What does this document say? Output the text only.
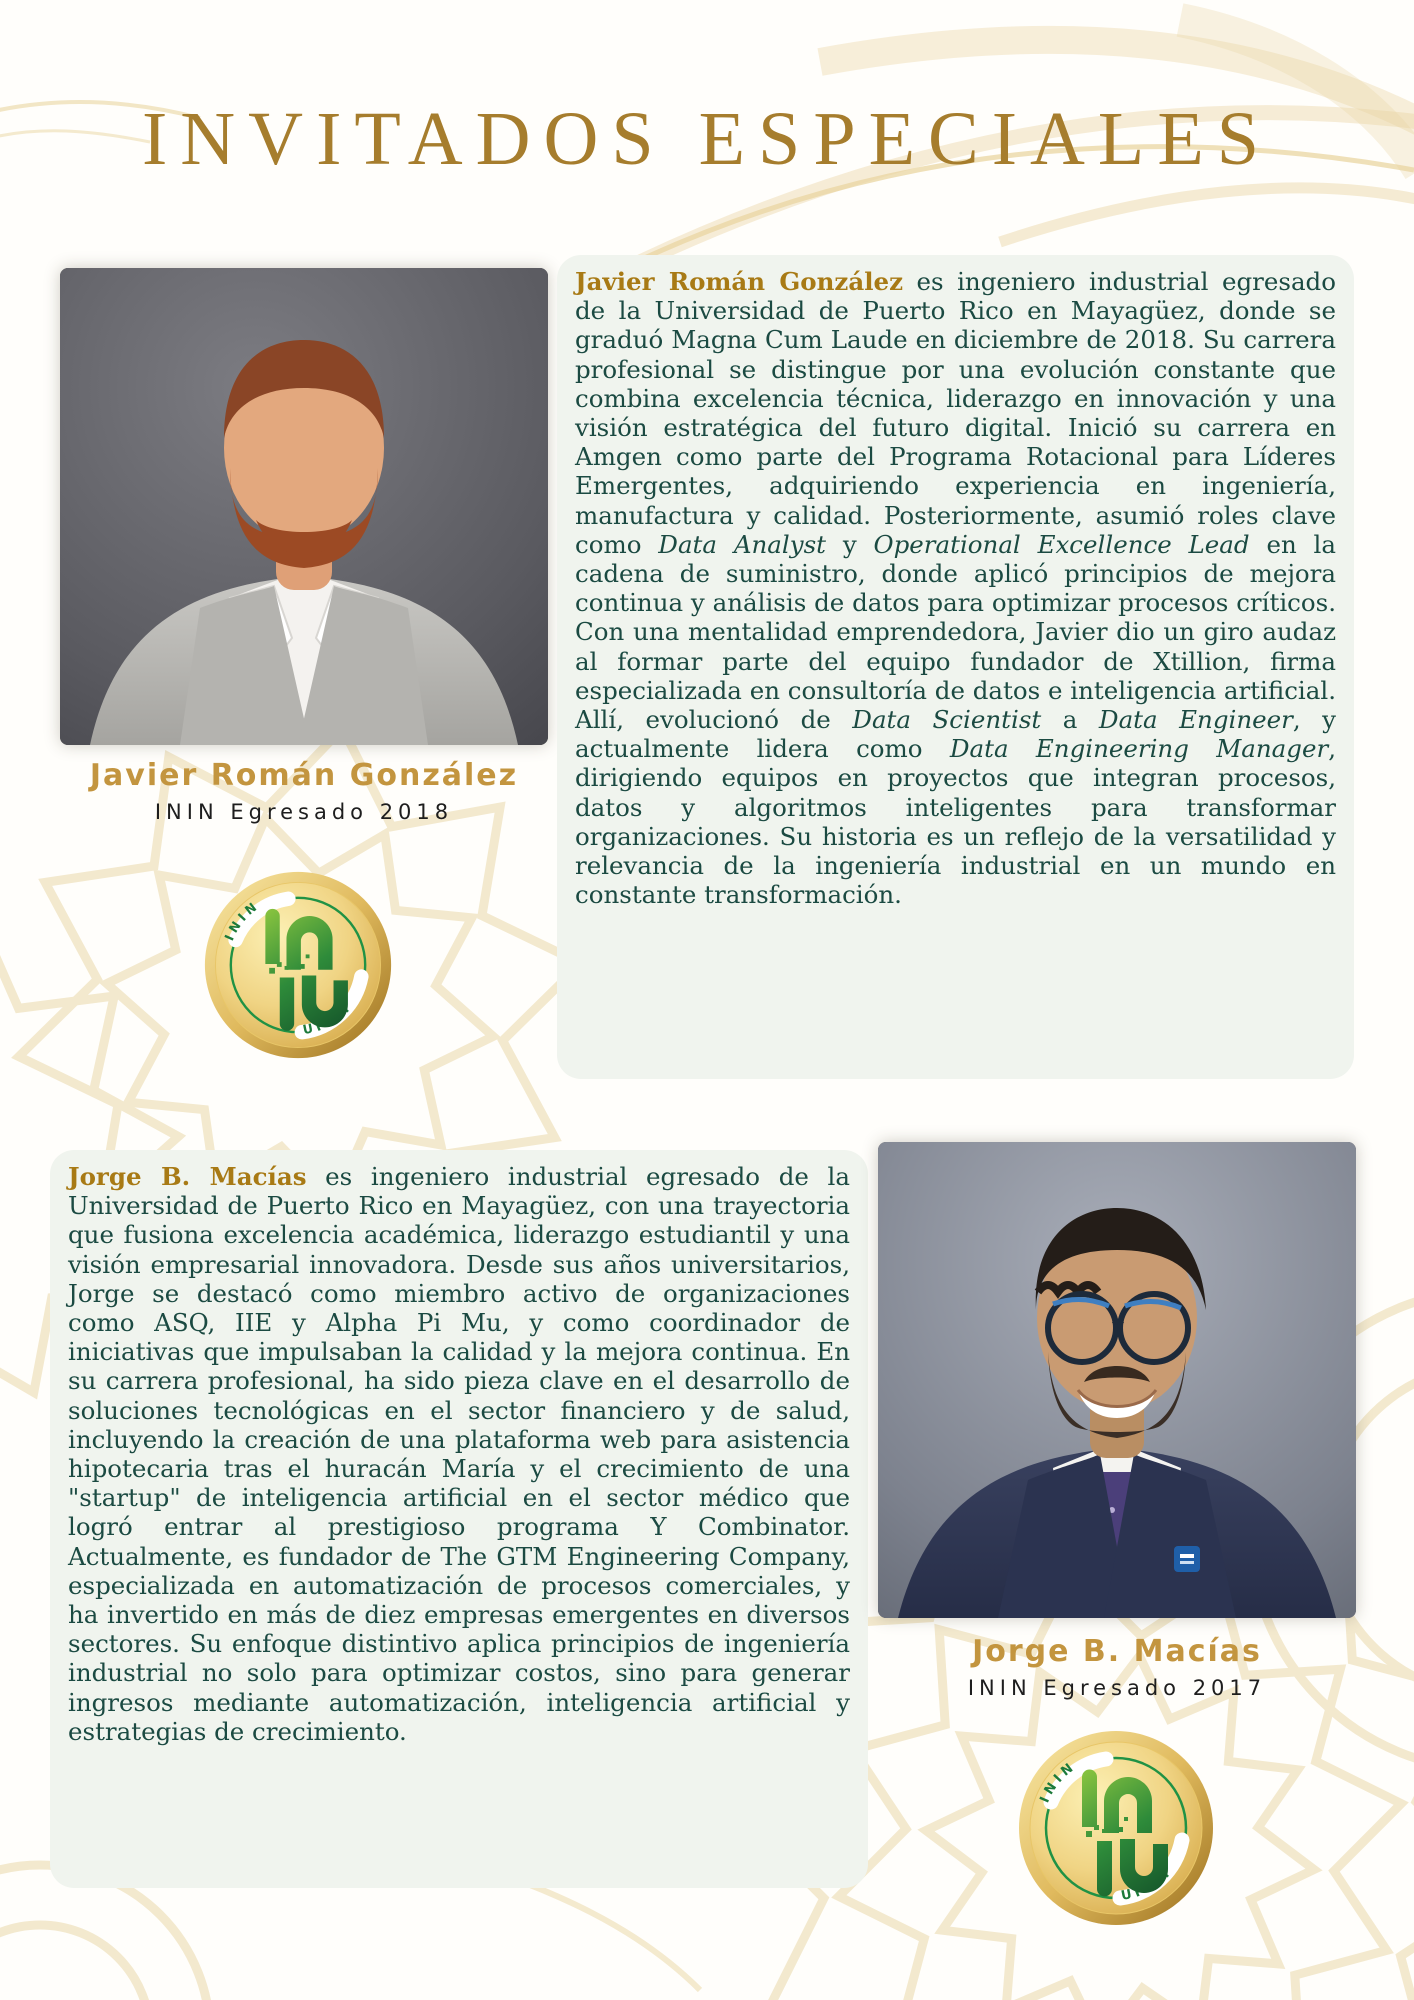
INVITADOS ESPECIALES
Javier Román González
ININ Egresado 2018
Javier Román González es ingeniero industrial egresado de la Universidad de Puerto Rico en Mayagüez, donde se graduó Magna Cum Laude en diciembre de 2018. Su carrera profesional se distingue por una evolución constante que combina excelencia técnica, liderazgo en innovación y una visión estratégica del futuro digital. Inició su carrera en Amgen como parte del Programa Rotacional para Líderes Emergentes, adquiriendo experiencia en ingeniería, manufactura y calidad. Posteriormente, asumió roles clave como Data Analyst y Operational Excellence Lead en la cadena de suministro, donde aplicó principios de mejora continua y análisis de datos para optimizar procesos críticos. Con una mentalidad emprendedora, Javier dio un giro audaz al formar parte del equipo fundador de Xtillion, firma especializada en consultoría de datos e inteligencia artificial. Allí, evolucionó de Data Scientist a Data Engineer, y actualmente lidera como Data Engineering Manager, dirigiendo equipos en proyectos que integran procesos, datos y algoritmos inteligentes para transformar organizaciones. Su historia es un reflejo de la versatilidad y relevancia de la ingeniería industrial en un mundo en constante transformación.
Jorge B. Macías es ingeniero industrial egresado de la Universidad de Puerto Rico en Mayagüez, con una trayectoria que fusiona excelencia académica, liderazgo estudiantil y una visión empresarial innovadora. Desde sus años universitarios, Jorge se destacó como miembro activo de organizaciones como ASQ, IIE y Alpha Pi Mu, y como coordinador de iniciativas que impulsaban la calidad y la mejora continua. En su carrera profesional, ha sido pieza clave en el desarrollo de soluciones tecnológicas en el sector financiero y de salud, incluyendo la creación de una plataforma web para asistencia hipotecaria tras el huracán María y el crecimiento de una "startup" de inteligencia artificial en el sector médico que logró entrar al prestigioso programa Y Combinator. Actualmente, es fundador de The GTM Engineering Company, especializada en automatización de procesos comerciales, y ha invertido en más de diez empresas emergentes en diversos sectores. Su enfoque distintivo aplica principios de ingeniería industrial no solo para optimizar costos, sino para generar ingresos mediante automatización, inteligencia artificial y estrategias de crecimiento.
Jorge B. Macías
ININ Egresado 2017
